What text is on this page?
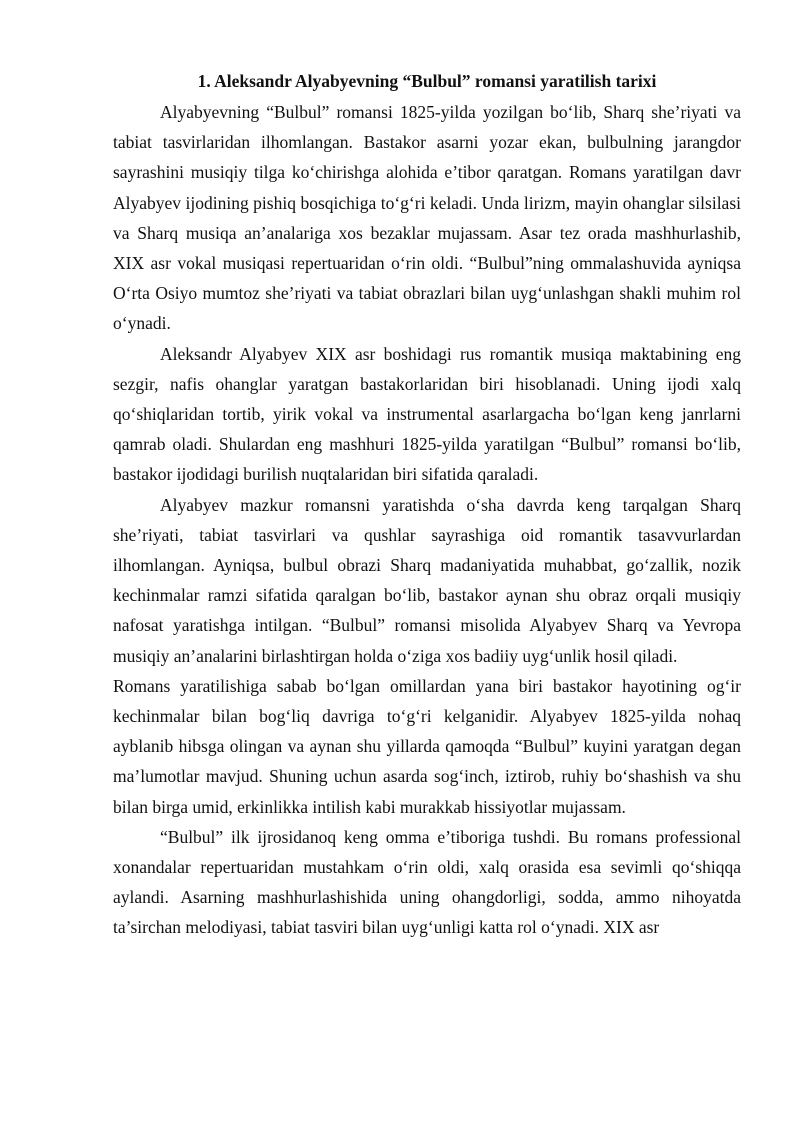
1. Aleksandr Alyabyevning “Bulbul” romansi yaratilish tarixi

Alyabyevning “Bulbul” romansi 1825-yilda yozilgan bo‘lib, Sharq she’riyati va tabiat tasvirlaridan ilhomlangan. Bastakor asarni yozar ekan, bulbulning jarangdor sayrashini musiqiy tilga ko‘chirishga alohida e’tibor qaratgan. Romans yaratilgan davr Alyabyev ijodining pishiq bosqichiga to‘g‘ri keladi. Unda lirizm, mayin ohanglar silsilasi va Sharq musiqa an’analariga xos bezaklar mujassam. Asar tez orada mashhurlashib, XIX asr vokal musiqasi repertuaridan o‘rin oldi. “Bulbul”ning ommalashuvida ayniqsa O‘rta Osiyo mumtoz she’riyati va tabiat obrazlari bilan uyg‘unlashgan shakli muhim rol o‘ynadi.

Aleksandr Alyabyev XIX asr boshidagi rus romantik musiqa maktabining eng sezgir, nafis ohanglar yaratgan bastakorlaridan biri hisoblanadi. Uning ijodi xalq qo‘shiqlaridan tortib, yirik vokal va instrumental asarlargacha bo‘lgan keng janrlarni qamrab oladi. Shulardan eng mashhuri 1825-yilda yaratilgan “Bulbul” romansi bo‘lib, bastakor ijodidagi burilish nuqtalaridan biri sifatida qaraladi.

Alyabyev mazkur romansni yaratishda o‘sha davrda keng tarqalgan Sharq she’riyati, tabiat tasvirlari va qushlar sayrashiga oid romantik tasavvurlardan ilhomlangan. Ayniqsa, bulbul obrazi Sharq madaniyatida muhabbat, go‘zallik, nozik kechinmalar ramzi sifatida qaralgan bo‘lib, bastakor aynan shu obraz orqali musiqiy nafosat yaratishga intilgan. “Bulbul” romansi misolida Alyabyev Sharq va Yevropa musiqiy an’analarini birlashtirgan holda o‘ziga xos badiiy uyg‘unlik hosil qiladi.

Romans yaratilishiga sabab bo‘lgan omillardan yana biri bastakor hayotining og‘ir kechinmalar bilan bog‘liq davriga to‘g‘ri kelganidir. Alyabyev 1825-yilda nohaq ayblanib hibsga olingan va aynan shu yillarda qamoqda “Bulbul” kuyini yaratgan degan ma’lumotlar mavjud. Shuning uchun asarda sog‘inch, iztirob, ruhiy bo‘shashish va shu bilan birga umid, erkinlikka intilish kabi murakkab hissiyotlar mujassam.

“Bulbul” ilk ijrosidanoq keng omma e’tiboriga tushdi. Bu romans professional xonandalar repertuaridan mustahkam o‘rin oldi, xalq orasida esa sevimli qo‘shiqqa aylandi. Asarning mashhurlashishida uning ohangdorligi, sodda, ammo nihoyatda ta’sirchan melodiyasi, tabiat tasviri bilan uyg‘unligi katta rol o‘ynadi. XIX asr
